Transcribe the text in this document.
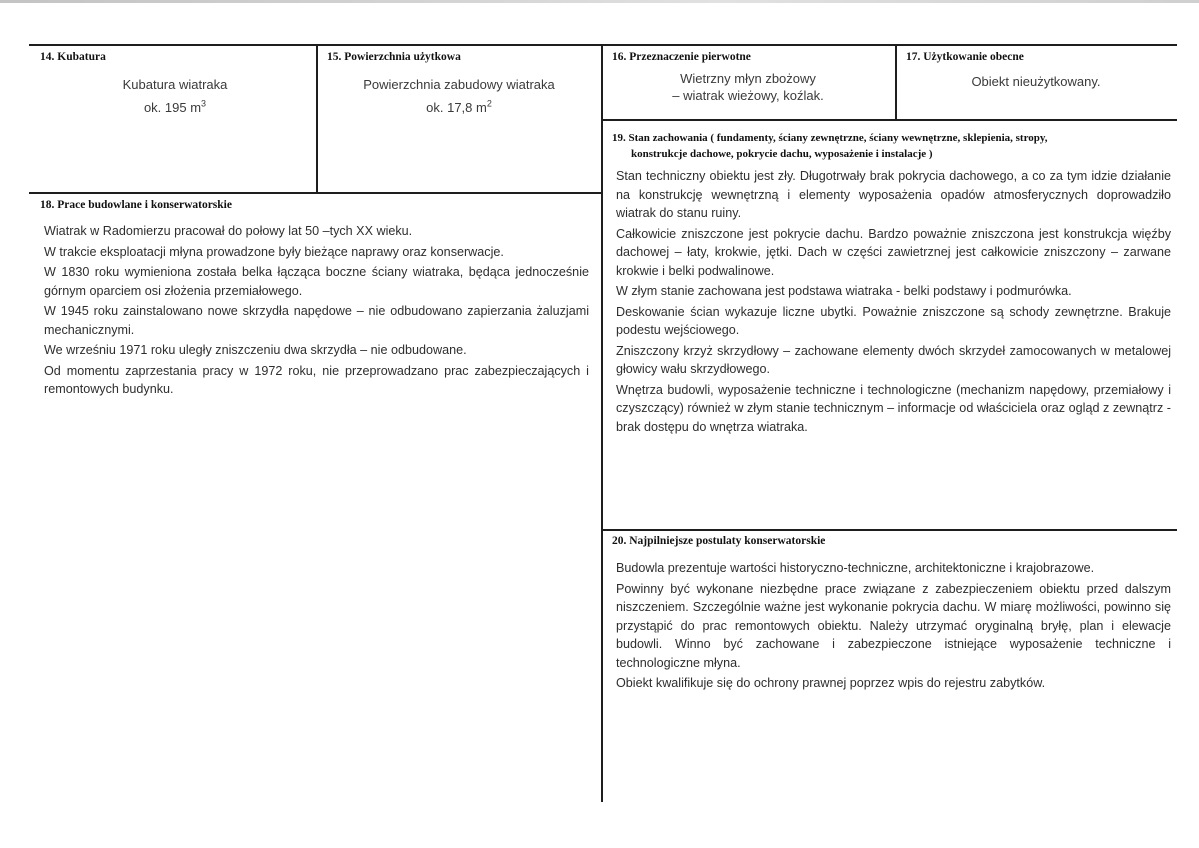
14. Kubatura
Kubatura wiatraka
ok. 195 $m^3$
15. Powierzchnia użytkowa
Powierzchnia zabudowy wiatraka
ok. 17,8 $m^2$
16. Przeznaczenie pierwotne
Wietrzny młyn zbożowy
– wiatrak wieżowy, koźlak.
17. Użytkowanie obecne
Obiekt nieużytkowany.
18. Prace budowlane i konserwatorskie

Wiatrak w Radomierzu pracował do połowy lat 50 –tych XX wieku.

W trakcie eksploatacji młyna prowadzone były bieżące naprawy oraz konserwacje.

W 1830 roku wymieniona została belka łącząca boczne ściany wiatraka, będąca jednocześnie górnym oparciem osi złożenia przemiałowego.

W 1945 roku zainstalowano nowe skrzydła napędowe – nie odbudowano zapierzania żaluzjami mechanicznymi.

We wrześniu 1971 roku uległy zniszczeniu dwa skrzydła – nie odbudowane.

Od momentu zaprzestania pracy w 1972 roku, nie przeprowadzano prac zabezpieczających i remontowych budynku.

19. Stan zachowania ( fundamenty, ściany zewnętrzne, ściany wewnętrzne, sklepienia, stropy,
konstrukcje dachowe, pokrycie dachu, wyposażenie i instalacje )

Stan techniczny obiektu jest zły. Długotrwały brak pokrycia dachowego, a co za tym idzie działanie na konstrukcję wewnętrzną i elementy wyposażenia opadów atmosferycznych doprowadziło wiatrak do stanu ruiny.

Całkowicie zniszczone jest pokrycie dachu. Bardzo poważnie zniszczona jest konstrukcja więźby dachowej – łaty, krokwie, jętki. Dach w części zawietrznej jest całkowicie zniszczony – zarwane krokwie i belki podwalinowe.

W złym stanie zachowana jest podstawa wiatraka - belki podstawy i podmurówka.

Deskowanie ścian wykazuje liczne ubytki. Poważnie zniszczone są schody zewnętrzne. Brakuje podestu wejściowego.

Zniszczony krzyż skrzydłowy – zachowane elementy dwóch skrzydeł zamocowanych w metalowej głowicy wału skrzydłowego.

Wnętrza budowli, wyposażenie techniczne i technologiczne (mechanizm napędowy, przemiałowy i czyszczący) również w złym stanie technicznym – informacje od właściciela oraz ogląd z zewnątrz - brak dostępu do wnętrza wiatraka.

20. Najpilniejsze postulaty konserwatorskie

Budowla prezentuje wartości historyczno-techniczne, architektoniczne i krajobrazowe.

Powinny być wykonane niezbędne prace związane z zabezpieczeniem obiektu przed dalszym niszczeniem. Szczególnie ważne jest wykonanie pokrycia dachu. W miarę możliwości, powinno się przystąpić do prac remontowych obiektu. Należy utrzymać oryginalną bryłę, plan i elewacje budowli. Winno być zachowane i zabezpieczone istniejące wyposażenie techniczne i technologiczne młyna.

Obiekt kwalifikuje się do ochrony prawnej poprzez wpis do rejestru zabytków.
